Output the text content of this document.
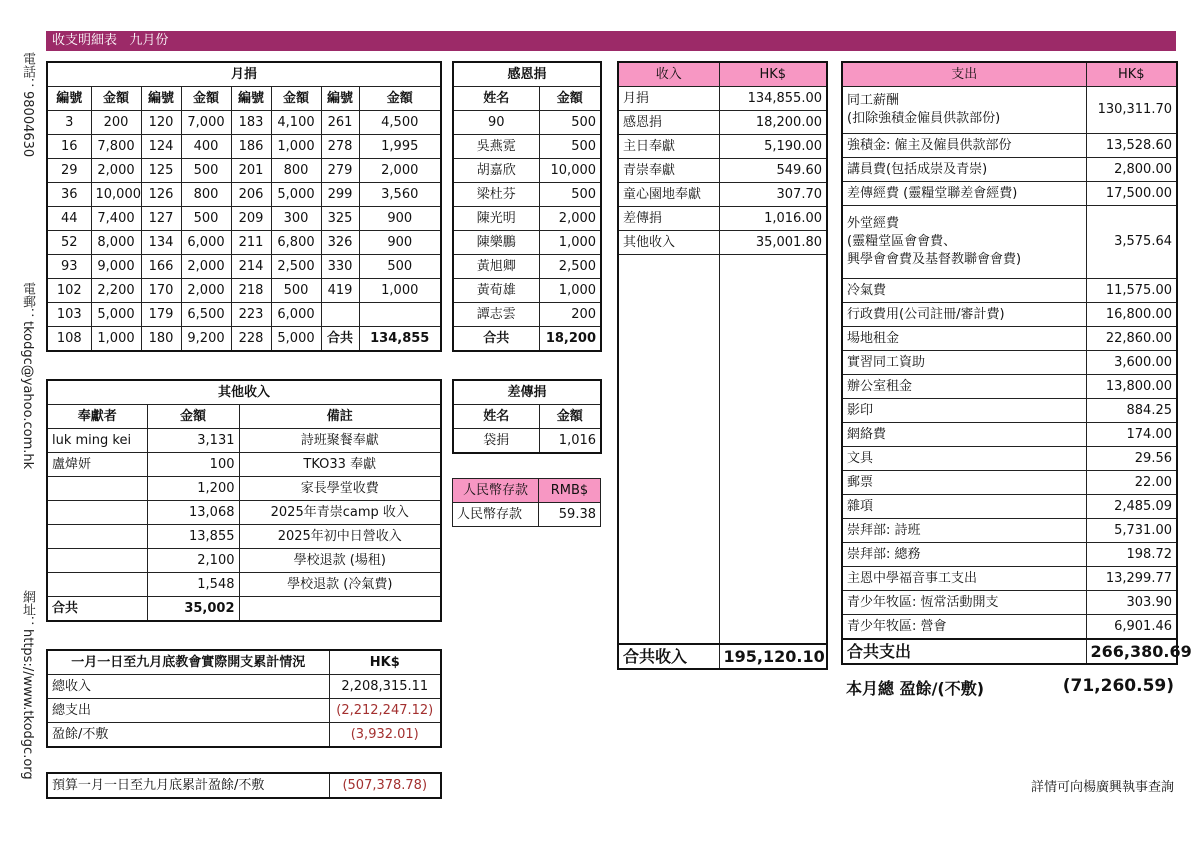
收支明細表 九月份
電話：98004630
電郵：tkodgc@yahoo.com.hk
網址：https://www.tkodgc.org
月捐							
編號	金額	編號	金額	編號	金額	編號	金額
3	200	120	7,000	183	4,100	261	4,500
16	7,800	124	400	186	1,000	278	1,995
29	2,000	125	500	201	800	279	2,000
36	10,000	126	800	206	5,000	299	3,560
44	7,400	127	500	209	300	325	900
52	8,000	134	6,000	211	6,800	326	900
93	9,000	166	2,000	214	2,500	330	500
102	2,200	170	2,000	218	500	419	1,000
103	5,000	179	6,500	223	6,000		
108	1,000	180	9,200	228	5,000	合共	134,855
感恩捐	
姓名	金額
90	500
吳燕霓	500
胡嘉欣	10,000
梁杜芬	500
陳光明	2,000
陳樂鵬	1,000
黃旭卿	2,500
黃荀雄	1,000
譚志雲	200
合共	18,200
其他收入		
奉獻者	金額	備註
luk ming kei	3,131	詩班聚餐奉獻
盧煒妍	100	TKO33 奉獻
	1,200	家長學堂收費
	13,068	2025年青崇camp 收入
	13,855	2025年初中日營收入
	2,100	學校退款 (場租)
	1,548	學校退款 (冷氣費)
合共	35,002	
差傳捐	
姓名	金額
袋捐	1,016
人民幣存款	RMB$
人民幣存款	59.38
一月一日至九月底教會實際開支累計情況	HK$
總收入	2,208,315.11
總支出	(2,212,247.12)
盈餘/不敷	(3,932.01)
預算一月一日至九月底累計盈餘/不敷	(507,378.78)
收入	HK$
月捐	134,855.00
感恩捐	18,200.00
主日奉獻	5,190.00
青崇奉獻	549.60
童心園地奉獻	307.70
差傳捐	1,016.00
其他收入	35,001.80

合共收入	195,120.10
支出	HK$
同工薪酬
(扣除強積金僱員供款部份)	130,311.70
強積金: 僱主及僱員供款部份	13,528.60
講員費(包括成崇及青崇)	2,800.00
差傳經費 (靈糧堂聯差會經費)	17,500.00
外堂經費
(靈糧堂區會會費、
興學會會費及基督教聯會會費)	3,575.64
冷氣費	11,575.00
行政費用(公司註冊/審計費)	16,800.00
場地租金	22,860.00
實習同工資助	3,600.00
辦公室租金	13,800.00
影印	884.25
網絡費	174.00
文具	29.56
郵票	22.00
雜項	2,485.09
崇拜部: 詩班	5,731.00
崇拜部: 總務	198.72
主恩中學福音事工支出	13,299.77
青少年牧區: 恆常活動開支	303.90
青少年牧區: 營會	6,901.46
合共支出	266,380.69
本月總 盈餘/(不敷)	(71,260.59)
詳情可向楊廣興執事查詢
